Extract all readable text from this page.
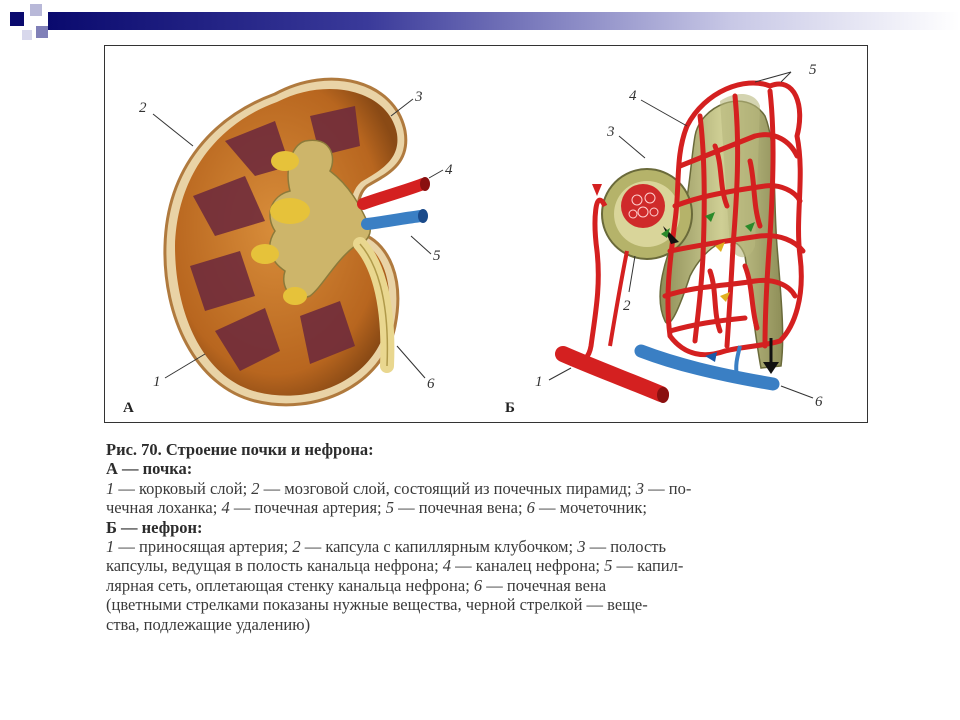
2
3
4
5
1	6
А
5
4
3
2
1
6
Б
Рис. 70. Строение почки и нефрона:
А — почка:
1 — корковый слой; 2 — мозговой слой, состоящий из почечных пирамид; 3 — по-
чечная лоханка; 4 — почечная артерия; 5 — почечная вена; 6 — мочеточник;
Б — нефрон:
1 — приносящая артерия; 2 — капсула с капиллярным клубочком; 3 — полость
капсулы, ведущая в полость канальца нефрона; 4 — каналец нефрона; 5 — капил-
лярная сеть, оплетающая стенку канальца нефрона; 6 — почечная вена
(цветными стрелками показаны нужные вещества, черной стрелкой — веще-
ства, подлежащие удалению)
